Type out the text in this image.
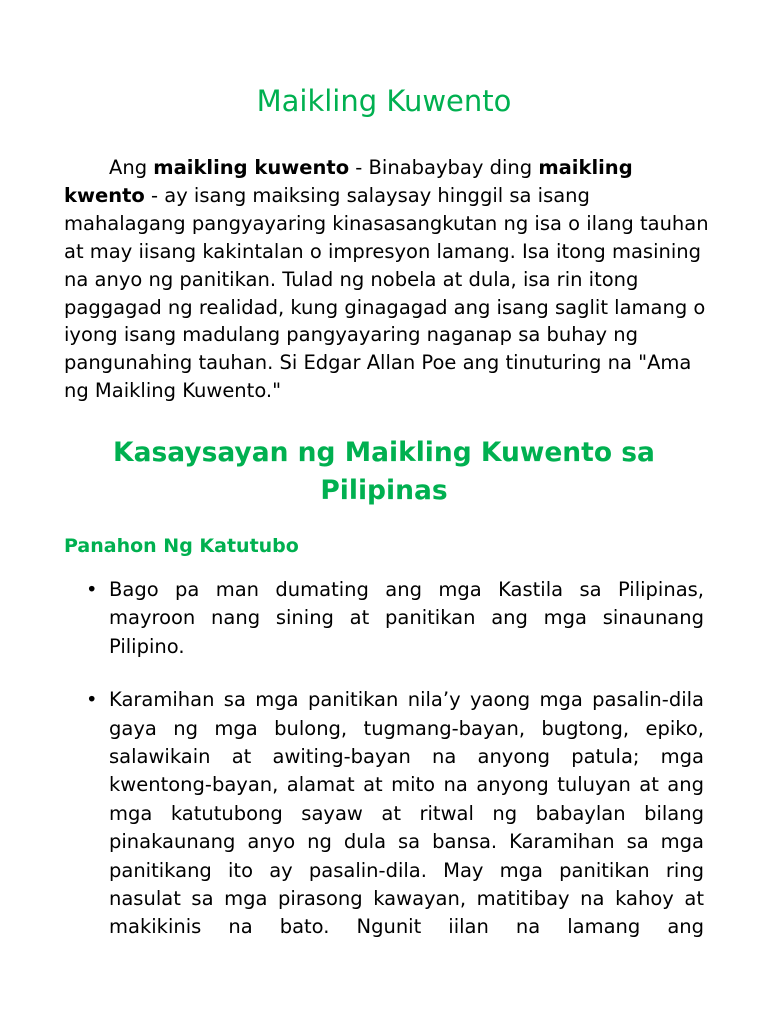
Maikling Kuwento

Ang maikling kuwento - Binabaybay ding maikling kwento - ay isang maiksing salaysay hinggil sa isang mahalagang pangyayaring kinasasangkutan ng isa o ilang tauhan at may iisang kakintalan o impresyon lamang. Isa itong masining na anyo ng panitikan. Tulad ng nobela at dula, isa rin itong paggagad ng realidad, kung ginagagad ang isang saglit lamang o iyong isang madulang pangyayaring naganap sa buhay ng pangunahing tauhan. Si Edgar Allan Poe ang tinuturing na "Ama ng Maikling Kuwento."

Kasaysayan ng Maikling Kuwento sa Pilipinas
Panahon Ng Katutubo
• Bago pa man dumating ang mga Kastila sa Pilipinas, mayroon nang sining at panitikan ang mga sinaunang Pilipino.
• Karamihan sa mga panitikan nila’y yaong mga pasalin-dila gaya ng mga bulong, tugmang-bayan, bugtong, epiko, salawikain at awiting-bayan na anyong patula; mga kwentong-bayan, alamat at mito na anyong tuluyan at ang mga katutubong sayaw at ritwal ng babaylan bilang pinakaunang anyo ng dula sa bansa. Karamihan sa mga panitikang ito ay pasalin-dila. May mga panitikan ring nasulat sa mga pirasong kawayan, matitibay na kahoy at makikinis na bato. Ngunit iilan na lamang ang
